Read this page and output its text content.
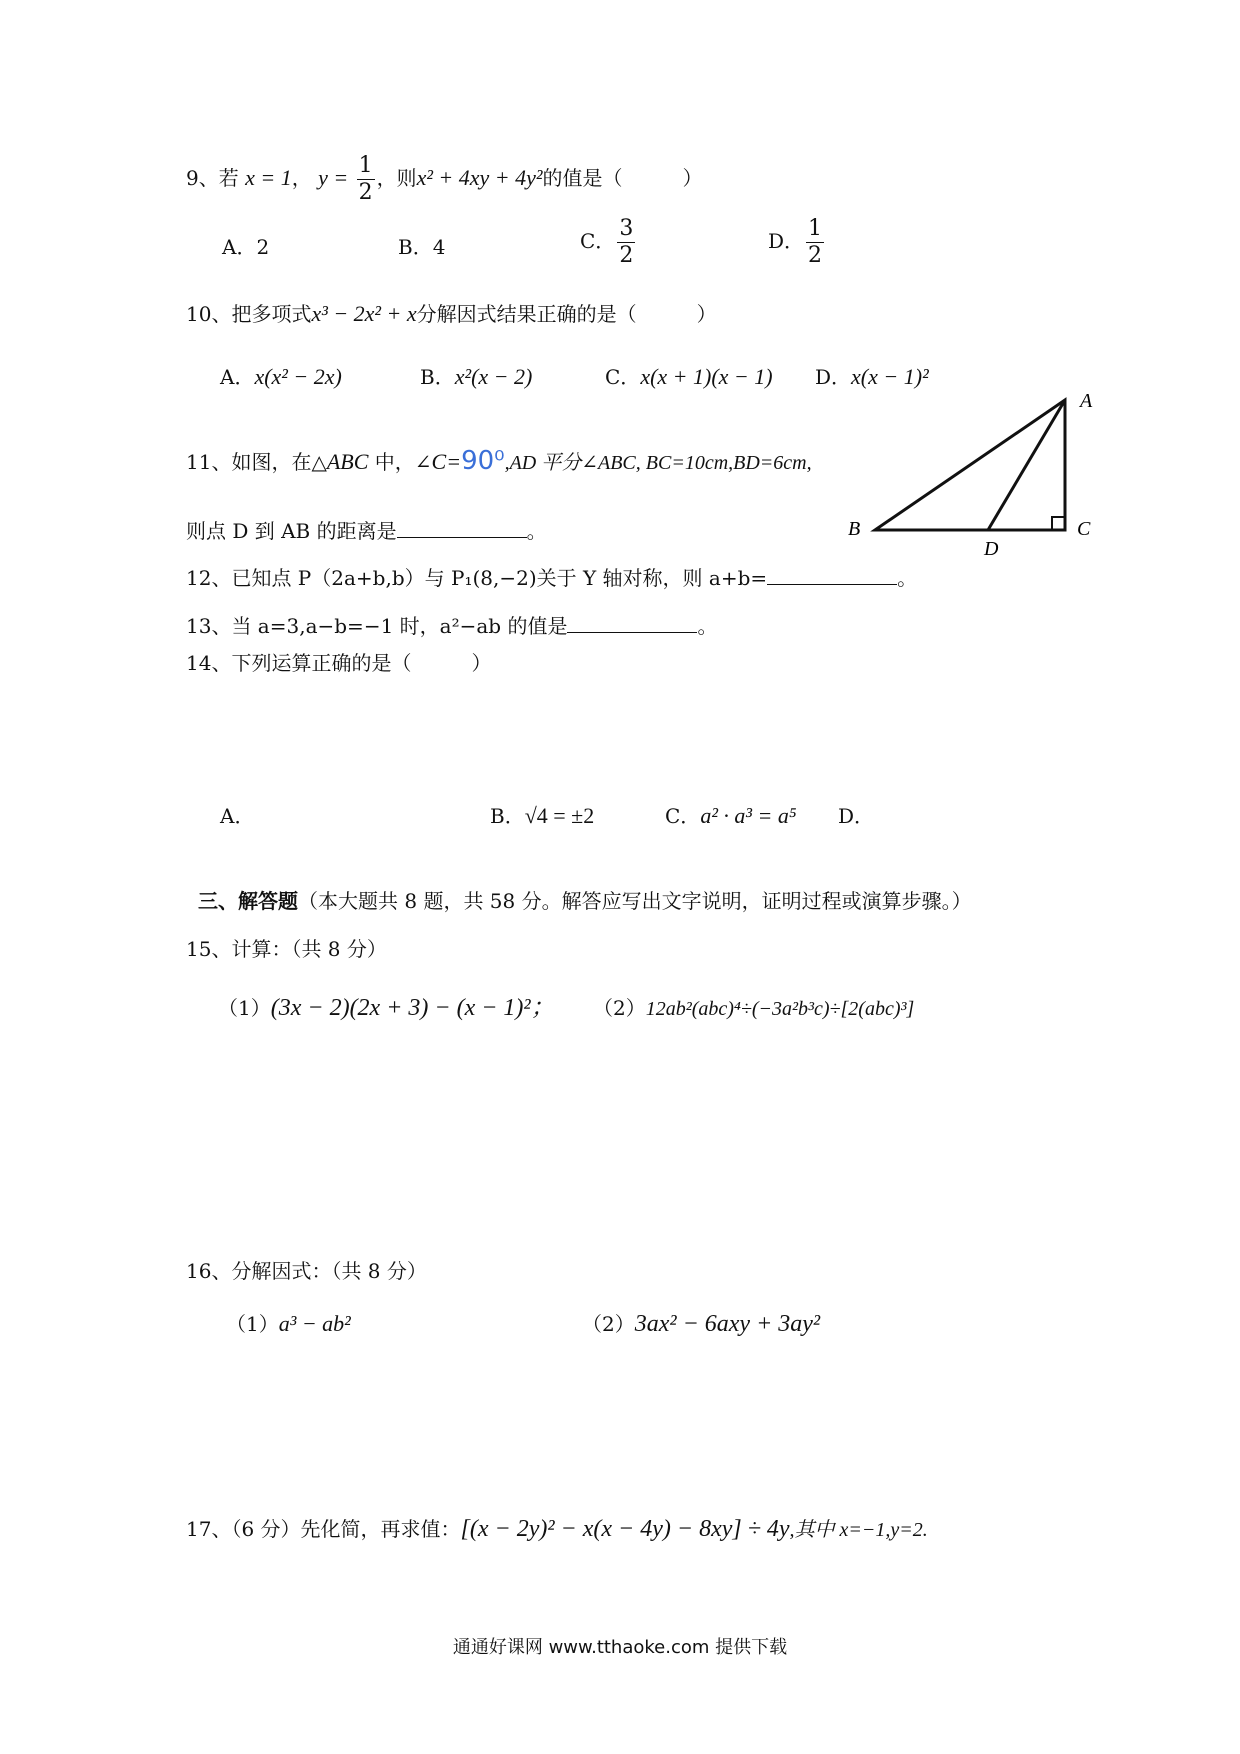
9、若 x = 1， $y = \frac{1}{2}$ ，则x² + 4xy + 4y²的值是（　　　）
A．2	B．4	C． $\frac{3}{2}$	D． $\frac{1}{2}$
10、把多项式x³ − 2x² + x分解因式结果正确的是（　　　）
A．x(x² − 2x)	B．x²(x − 2)	C．x(x + 1)(x − 1) D．x(x − 1)²
11、如图，在△ABC 中，∠C=90⁰,AD 平分∠ABC, BC=10cm,BD=6cm,
则点 D 到 AB 的距离是	。
A
B	C
D
12、已知点 P（2a+b,b）与 P₁(8,−2)关于 Y 轴对称，则 a+b=	。
13、当 a=3,a−b=−1 时，a²−ab 的值是	。
14、下列运算正确的是（　　　）
A．	B．√4 = ±2	C．a² · a³ = a⁵ D．
三、解答题（本大题共 8 题，共 58 分。解答应写出文字说明，证明过程或演算步骤。）
15、计算：（共 8 分）
（1）(3x − 2)(2x + 3) − (x − 1)²； （2）12ab²(abc)⁴÷(−3a²b³c)÷[2(abc)³]
16、分解因式：（共 8 分）
（1）a³ − ab²	（2）3ax² − 6axy + 3ay²
17、（6 分）先化简，再求值：[(x − 2y)² − x(x − 4y) − 8xy] ÷ 4y,其中 x=−1,y=2.
通通好课网 www.tthaoke.com 提供下载
